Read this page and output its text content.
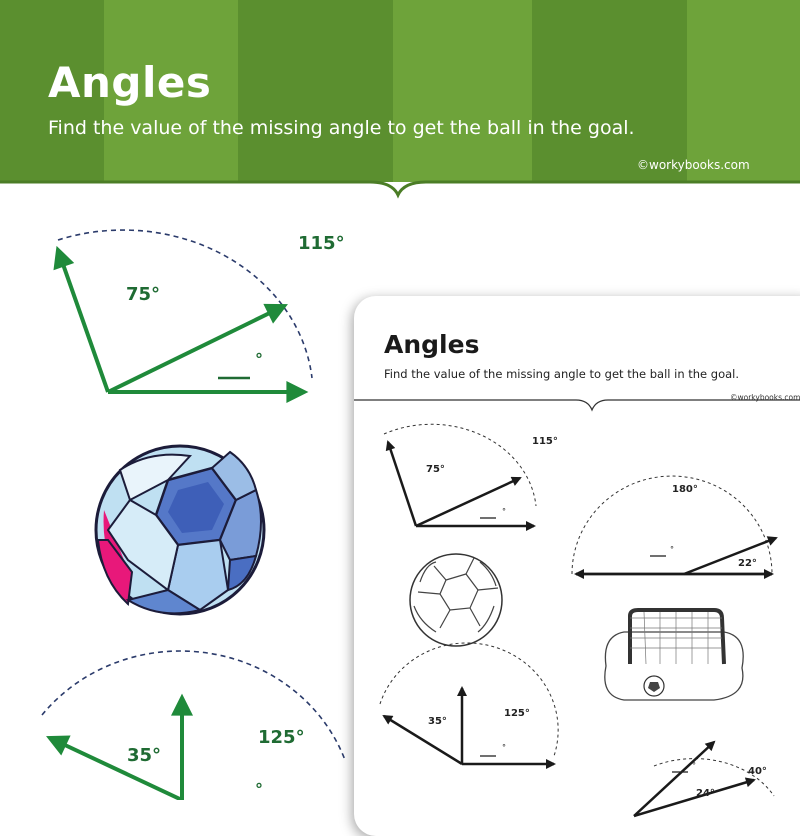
Angles
Find the value of the missing angle to get the ball in the goal.
©workybooks.com
75°
115°
°
35°
125°
°
°
°
°
°
Angles
Find the value of the missing angle to get the ball in the goal.
©workybooks.com
75°
115°
180°
22°
35°
125°
40°
24°
